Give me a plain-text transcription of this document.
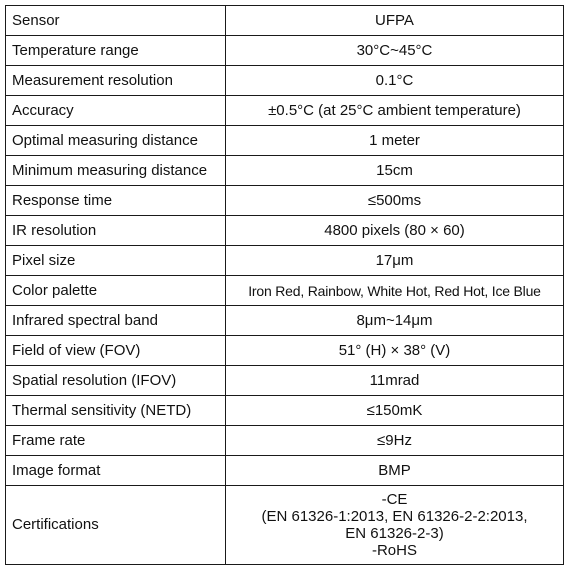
Sensor	UFPA
Temperature range	30°C~45°C
Measurement resolution	0.1°C
Accuracy	±0.5°C (at 25°C ambient temperature)
Optimal measuring distance	1 meter
Minimum measuring distance	15cm
Response time	≤500ms
IR resolution	4800 pixels (80 × 60)
Pixel size	17μm
Color palette	Iron Red, Rainbow, White Hot, Red Hot, Ice Blue
Infrared spectral band	8μm~14μm
Field of view (FOV)	51° (H) × 38° (V)
Spatial resolution (IFOV)	11mrad
Thermal sensitivity (NETD)	≤150mK
Frame rate	≤9Hz
Image format	BMP
Certifications	-CE
(EN 61326-1:2013, EN 61326-2-2:2013,
EN 61326-2-3)
-RoHS
